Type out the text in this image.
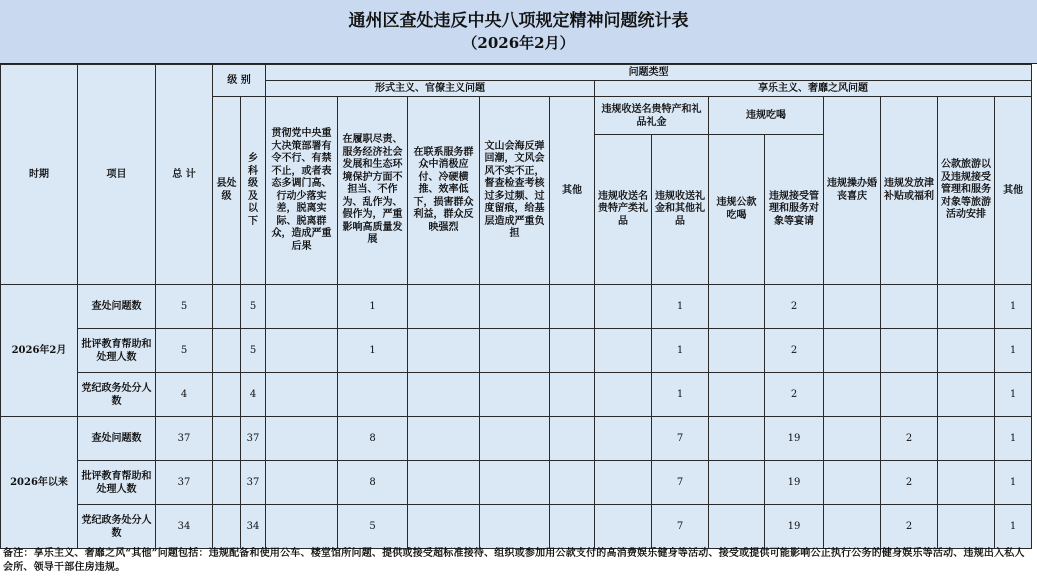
通州区查处违反中央八项规定精神问题统计表
（2026年2月）
时期	项目	总 计	级 别		问题类型												
					形式主义、官僚主义问题					享乐主义、奢靡之风问题							
			县处级	乡科级及以下	贯彻党中央重大决策部署有令不行、有禁不止，或者表态多调门高、行动少落实差，脱离实际、脱离群众，造成严重后果	在履职尽责、服务经济社会发展和生态环境保护方面不担当、不作为、乱作为、假作为，严重影响高质量发展	在联系服务群众中消极应付、冷硬横推、效率低下，损害群众利益，群众反映强烈	文山会海反弹回潮，文风会风不实不正，督查检查考核过多过频、过度留痕，给基层造成严重负担	其他	违规收送名贵特产和礼品礼金		违规吃喝		违规操办婚丧喜庆	违规发放津补贴或福利	公款旅游以及违规接受管理和服务对象等旅游活动安排	其他
										违规收送名贵特产类礼品	违规收送礼金和其他礼品	违规公款吃喝	违规接受管理和服务对象等宴请				
2026年2月	查处问题数	5		5		1					1		2				1
	批评教育帮助和处理人数	5		5		1					1		2				1
	党纪政务处分人数	4		4							1		2				1
2026年以来	查处问题数	37		37		8					7		19		2		1
	批评教育帮助和处理人数	37		37		8					7		19		2		1
	党纪政务处分人数	34		34		5					7		19		2		1
备注：享乐主义、奢靡之风“其他”问题包括：违规配备和使用公车、楼堂馆所问题、提供或接受超标准接待、组织或参加用公款支付的高消费娱乐健身等活动、接受或提供可能影响公正执行公务的健身娱乐等活动、违规出入私人会所、领导干部住房违规。
